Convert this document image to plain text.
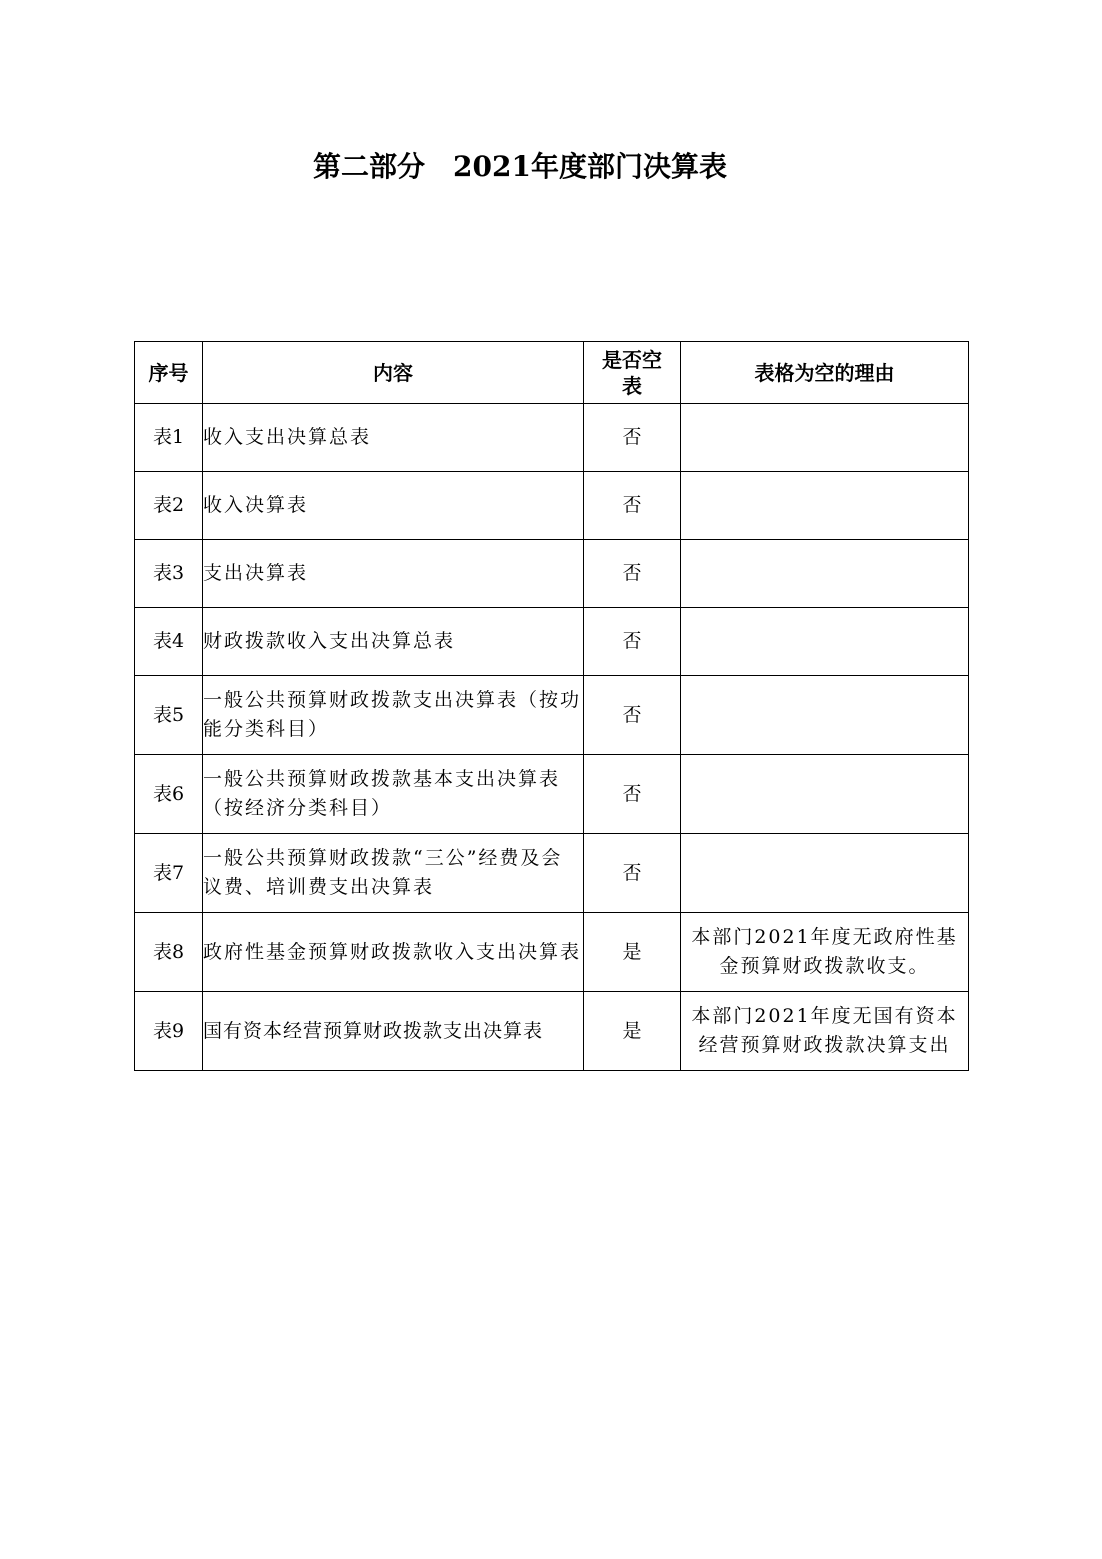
第二部分　2021年度部门决算表
序号	内容	是否空表	表格为空的理由
表1	收入支出决算总表	否	
表2	收入决算表	否	
表3	支出决算表	否	
表4	财政拨款收入支出决算总表	否	
表5	一般公共预算财政拨款支出决算表（按功能分类科目）	否	
表6	一般公共预算财政拨款基本支出决算表（按经济分类科目）	否	
表7	一般公共预算财政拨款“三公”经费及会议费、培训费支出决算表	否	
表8	政府性基金预算财政拨款收入支出决算表	是	本部门2021年度无政府性基金预算财政拨款收支。
表9	国有资本经营预算财政拨款支出决算表	是	本部门2021年度无国有资本经营预算财政拨款决算支出
